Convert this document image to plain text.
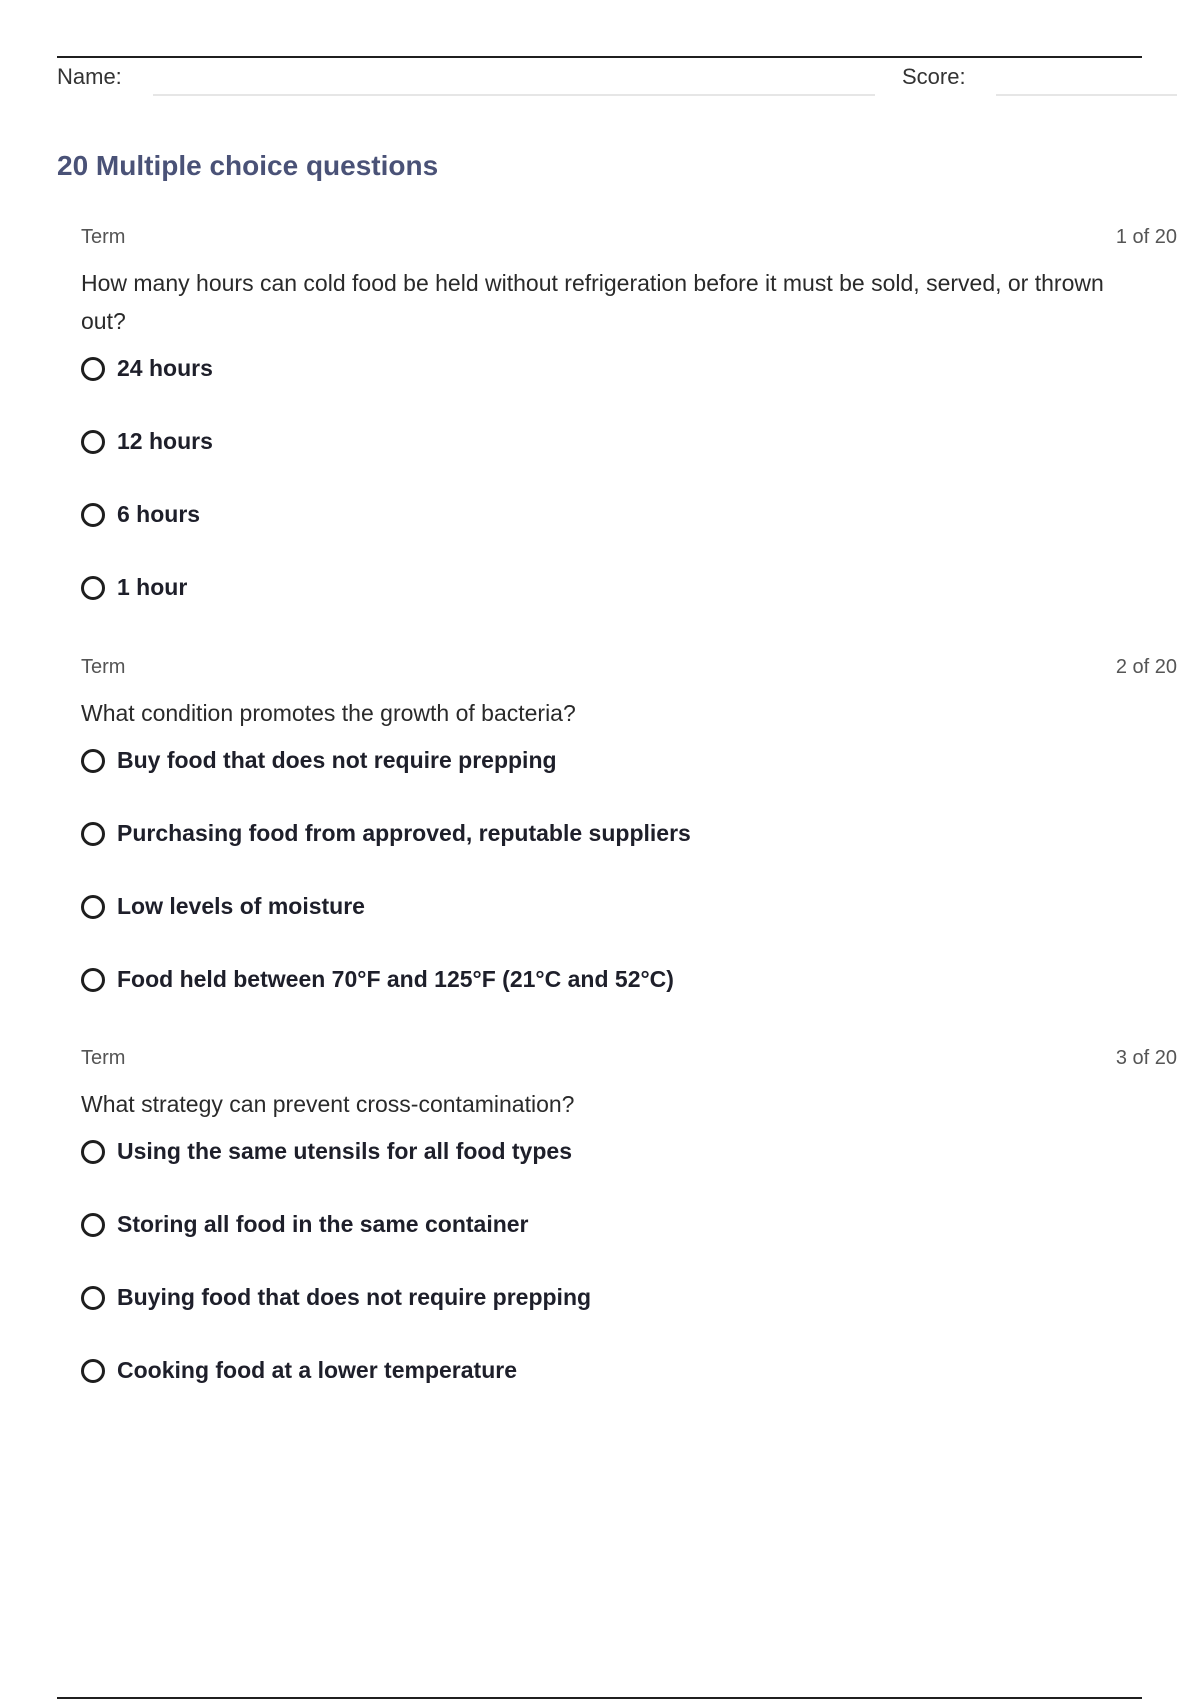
Name:	Score:
20 Multiple choice questions
Term	1 of 20

How many hours can cold food be held without refrigeration before it must be sold, served, or thrown out?

24 hours
12 hours
6 hours
1 hour
Term	2 of 20

What condition promotes the growth of bacteria?

Buy food that does not require prepping
Purchasing food from approved, reputable suppliers
Low levels of moisture
Food held between 70°F and 125°F (21°C and 52°C)
Term	3 of 20

What strategy can prevent cross-contamination?

Using the same utensils for all food types
Storing all food in the same container
Buying food that does not require prepping
Cooking food at a lower temperature
